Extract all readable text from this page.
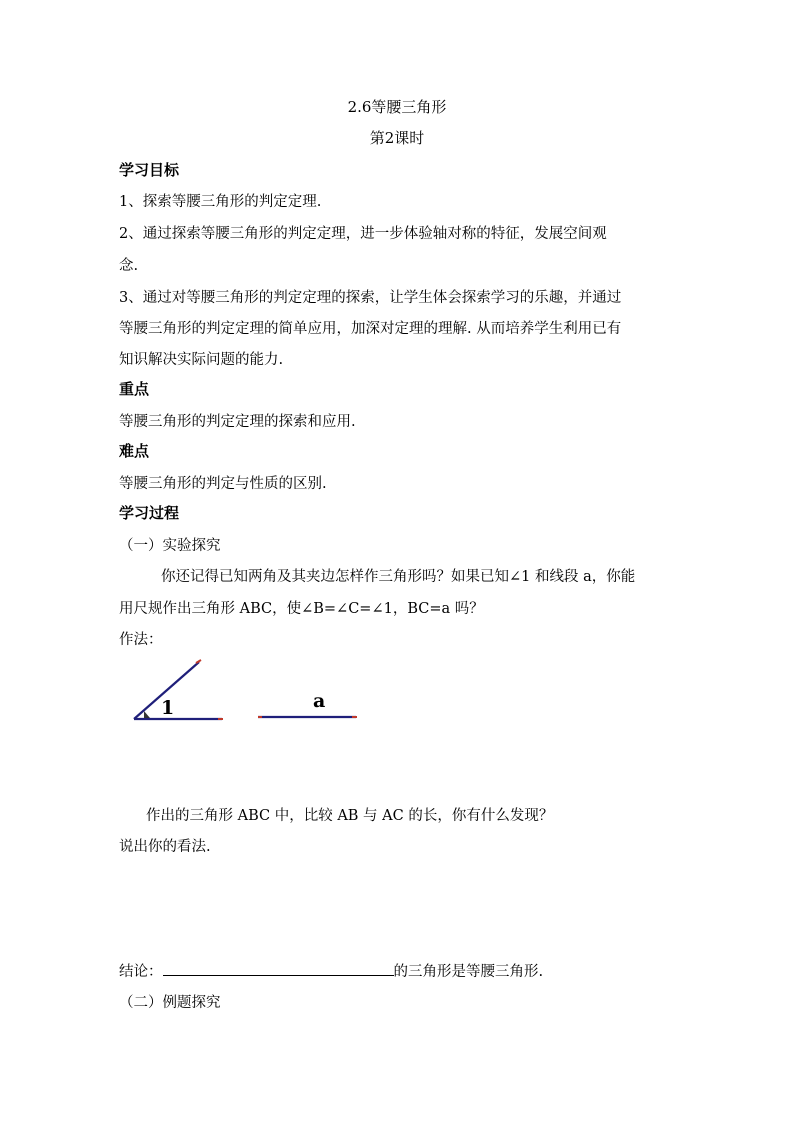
2.6等腰三角形
第2课时
学习目标
1、探索等腰三角形的判定定理.
2、通过探索等腰三角形的判定定理，进一步体验轴对称的特征，发展空间观
念.
3、通过对等腰三角形的判定定理的探索，让学生体会探索学习的乐趣，并通过
等腰三角形的判定定理的简单应用，加深对定理的理解. 从而培养学生利用已有
知识解决实际问题的能力.
重点
等腰三角形的判定定理的探索和应用.
难点
等腰三角形的判定与性质的区别.
学习过程
（一）实验探究
你还记得已知两角及其夹边怎样作三角形吗？如果已知∠1 和线段 a，你能
用尺规作出三角形 ABC，使∠B=∠C=∠1，BC=a 吗？
作法：
1	a
作出的三角形 ABC 中，比较 AB 与 AC 的长，你有什么发现？
说出你的看法.
结论：	的三角形是等腰三角形.
（二）例题探究
